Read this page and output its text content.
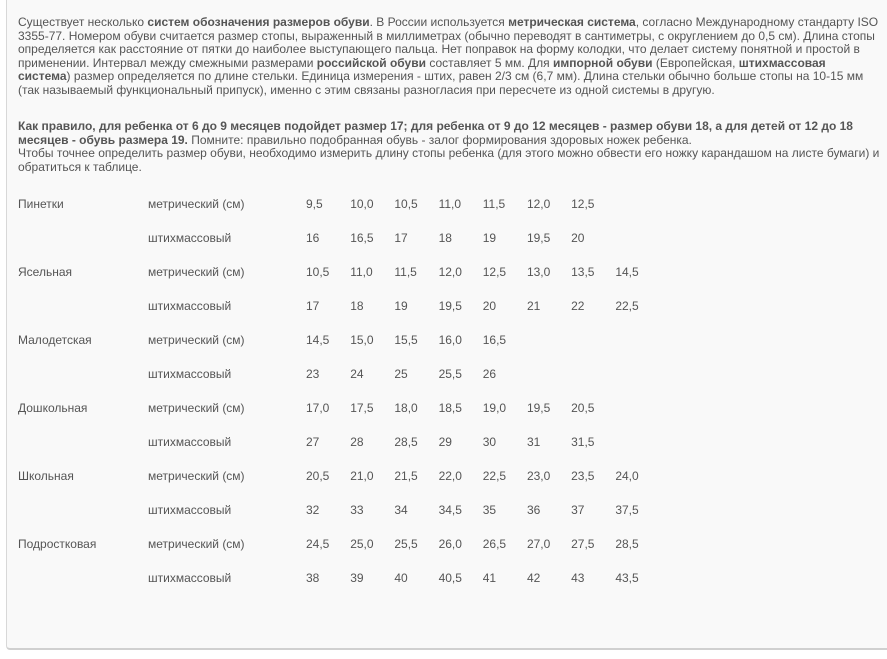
Существует несколько систем обозначения размеров обуви. В России используется метрическая система, согласно Международному стандарту ISO 3355-77. Номером обуви считается размер стопы, выраженный в миллиметрах (обычно переводят в сантиметры, с округлением до 0,5 см). Длина стопы определяется как расстояние от пятки до наиболее выступающего пальца. Нет поправок на форму колодки, что делает систему понятной и простой в применении. Интервал между смежными размерами российской обуви составляет 5 мм. Для импорной обуви (Европейская, штихмассовая система) размер определяется по длине стельки. Единица измерения - штих, равен 2/3 см (6,7 мм). Длина стельки обычно больше стопы на 10-15 мм (так называемый функциональный припуск), именно с этим связаны разногласия при пересчете из одной системы в другую.

Как правило, для ребенка от 6 до 9 месяцев подойдет размер 17; для ребенка от 9 до 12 месяцев - размер обуви 18, а для детей от 12 до 18 месяцев - обувь размера 19. Помните: правильно подобранная обувь - залог формирования здоровых ножек ребенка.
Чтобы точнее определить размер обуви, необходимо измерить длину стопы ребенка (для этого можно обвести его ножку карандашом на листе бумаги) и обратиться к таблице.

Пинетки	метрический (см)	9,5	10,0	10,5	11,0	11,5	12,0	12,5	
	штихмассовый	16	16,5	17	18	19	19,5	20	
Ясельная	метрический (см)	10,5	11,0	11,5	12,0	12,5	13,0	13,5	14,5
	штихмассовый	17	18	19	19,5	20	21	22	22,5
Малодетская	метрический (см)	14,5	15,0	15,5	16,0	16,5			
	штихмассовый	23	24	25	25,5	26			
Дошкольная	метрический (см)	17,0	17,5	18,0	18,5	19,0	19,5	20,5	
	штихмассовый	27	28	28,5	29	30	31	31,5	
Школьная	метрический (см)	20,5	21,0	21,5	22,0	22,5	23,0	23,5	24,0
	штихмассовый	32	33	34	34,5	35	36	37	37,5
Подростковая	метрический (см)	24,5	25,0	25,5	26,0	26,5	27,0	27,5	28,5
	штихмассовый	38	39	40	40,5	41	42	43	43,5
